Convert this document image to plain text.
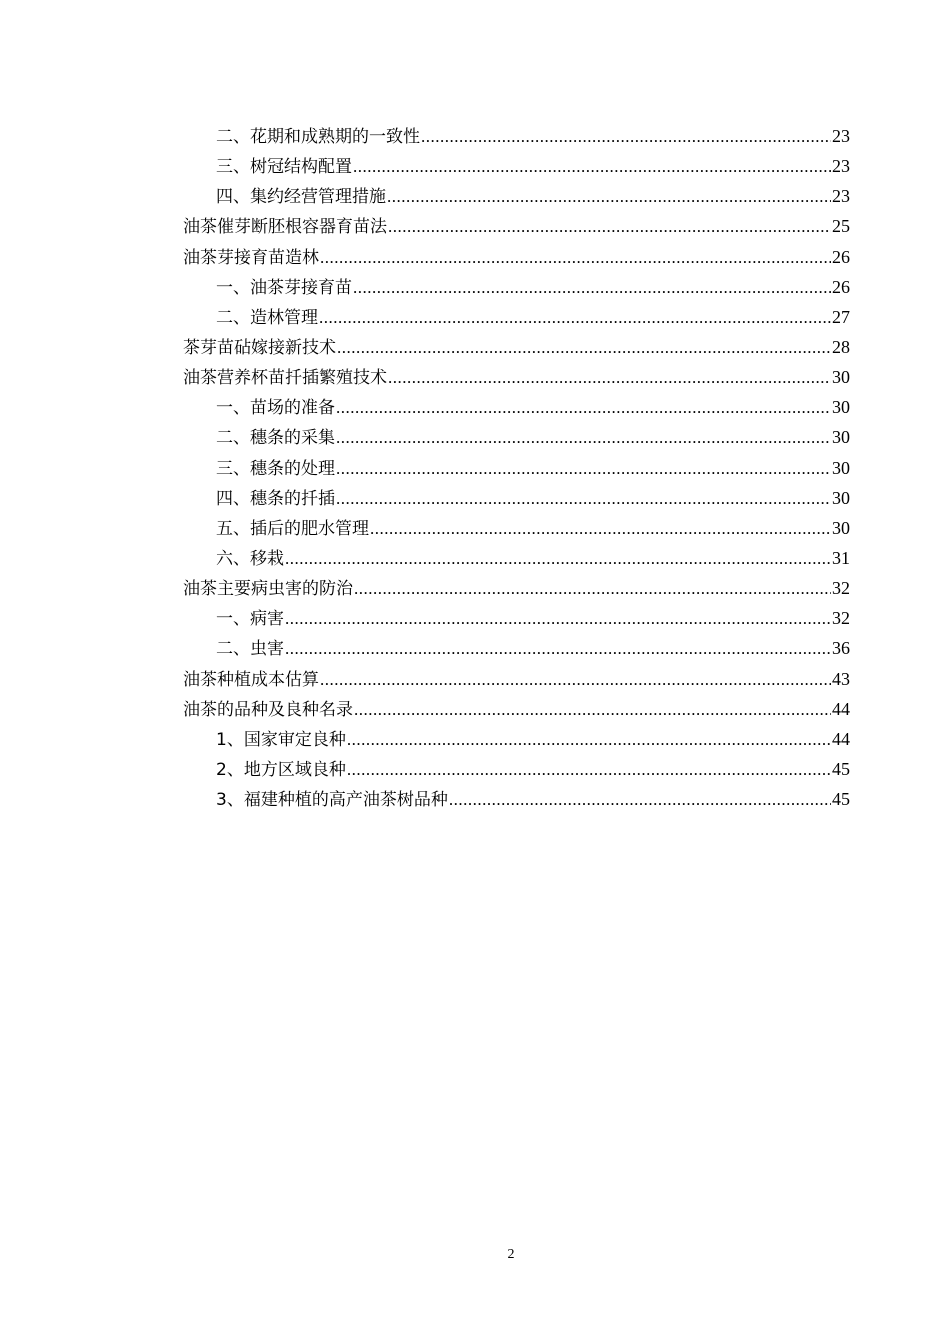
二、花期和成熟期的一致性 .....	23
三、树冠结构配置 .....	23
四、集约经营管理措施 .....	23
油茶催芽断胚根容器育苗法 .....	25
油茶芽接育苗造林 .....	26
一、油茶芽接育苗 .....	26
二、造林管理 .....	27
茶芽苗砧嫁接新技术 .....	28
油茶营养杯苗扦插繁殖技术 .....	30
一、苗场的准备 .....	30
二、穗条的采集 .....	30
三、穗条的处理 .....	30
四、穗条的扦插 .....	30
五、插后的肥水管理 .....	30
六、移栽 .....	31
油茶主要病虫害的防治 .....	32
一、病害 .....	32
二、虫害 .....	36
油茶种植成本估算 .....	43
油茶的品种及良种名录 .....	44
1、国家审定良种 .....	44
2、地方区域良种 .....	45
3、福建种植的高产油茶树品种 .....	45
2
